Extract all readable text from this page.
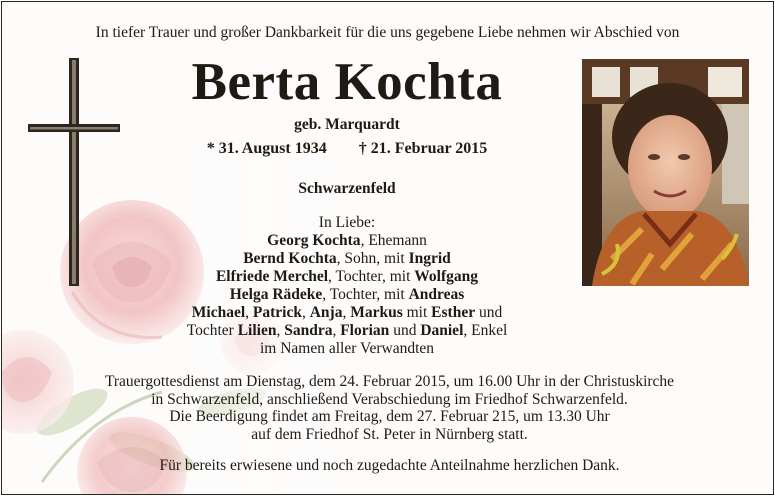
In tiefer Trauer und großer Dankbarkeit für die uns gegebene Liebe nehmen wir Abschied von
Berta Kochta
geb. Marquardt
* 31. August 1934 † 21. Februar 2015
Schwarzenfeld
In Liebe:
Georg Kochta, Ehemann
Bernd Kochta, Sohn, mit Ingrid
Elfriede Merchel, Tochter, mit Wolfgang
Helga Rädeke, Tochter, mit Andreas
Michael, Patrick, Anja, Markus mit Esther und
Tochter Lilien, Sandra, Florian und Daniel, Enkel
im Namen aller Verwandten
Trauergottesdienst am Dienstag, dem 24. Februar 2015, um 16.00 Uhr in der Christuskirche
in Schwarzenfeld, anschließend Verabschiedung im Friedhof Schwarzenfeld.
Die Beerdigung findet am Freitag, dem 27. Februar 215, um 13.30 Uhr
auf dem Friedhof St. Peter in Nürnberg statt.
Für bereits erwiesene und noch zugedachte Anteilnahme herzlichen Dank.
